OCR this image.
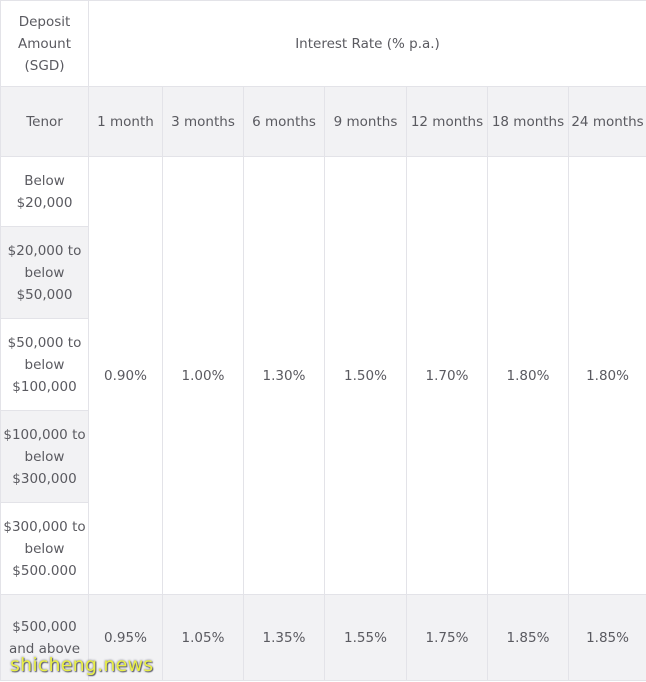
Deposit Amount (SGD)	Interest Rate (% p.a.)						
Tenor	1 month	3 months	6 months	9 months	12 months	18 months	24 months
Below $20,000	0.90%	1.00%	1.30%	1.50%	1.70%	1.80%	1.80%
$20,000 to below $50,000							
$50,000 to below $100,000							
$100,000 to below $300,000							
$300,000 to below $500.000							
$500,000 and above	0.95%	1.05%	1.35%	1.55%	1.75%	1.85%	1.85%
shicheng.news
